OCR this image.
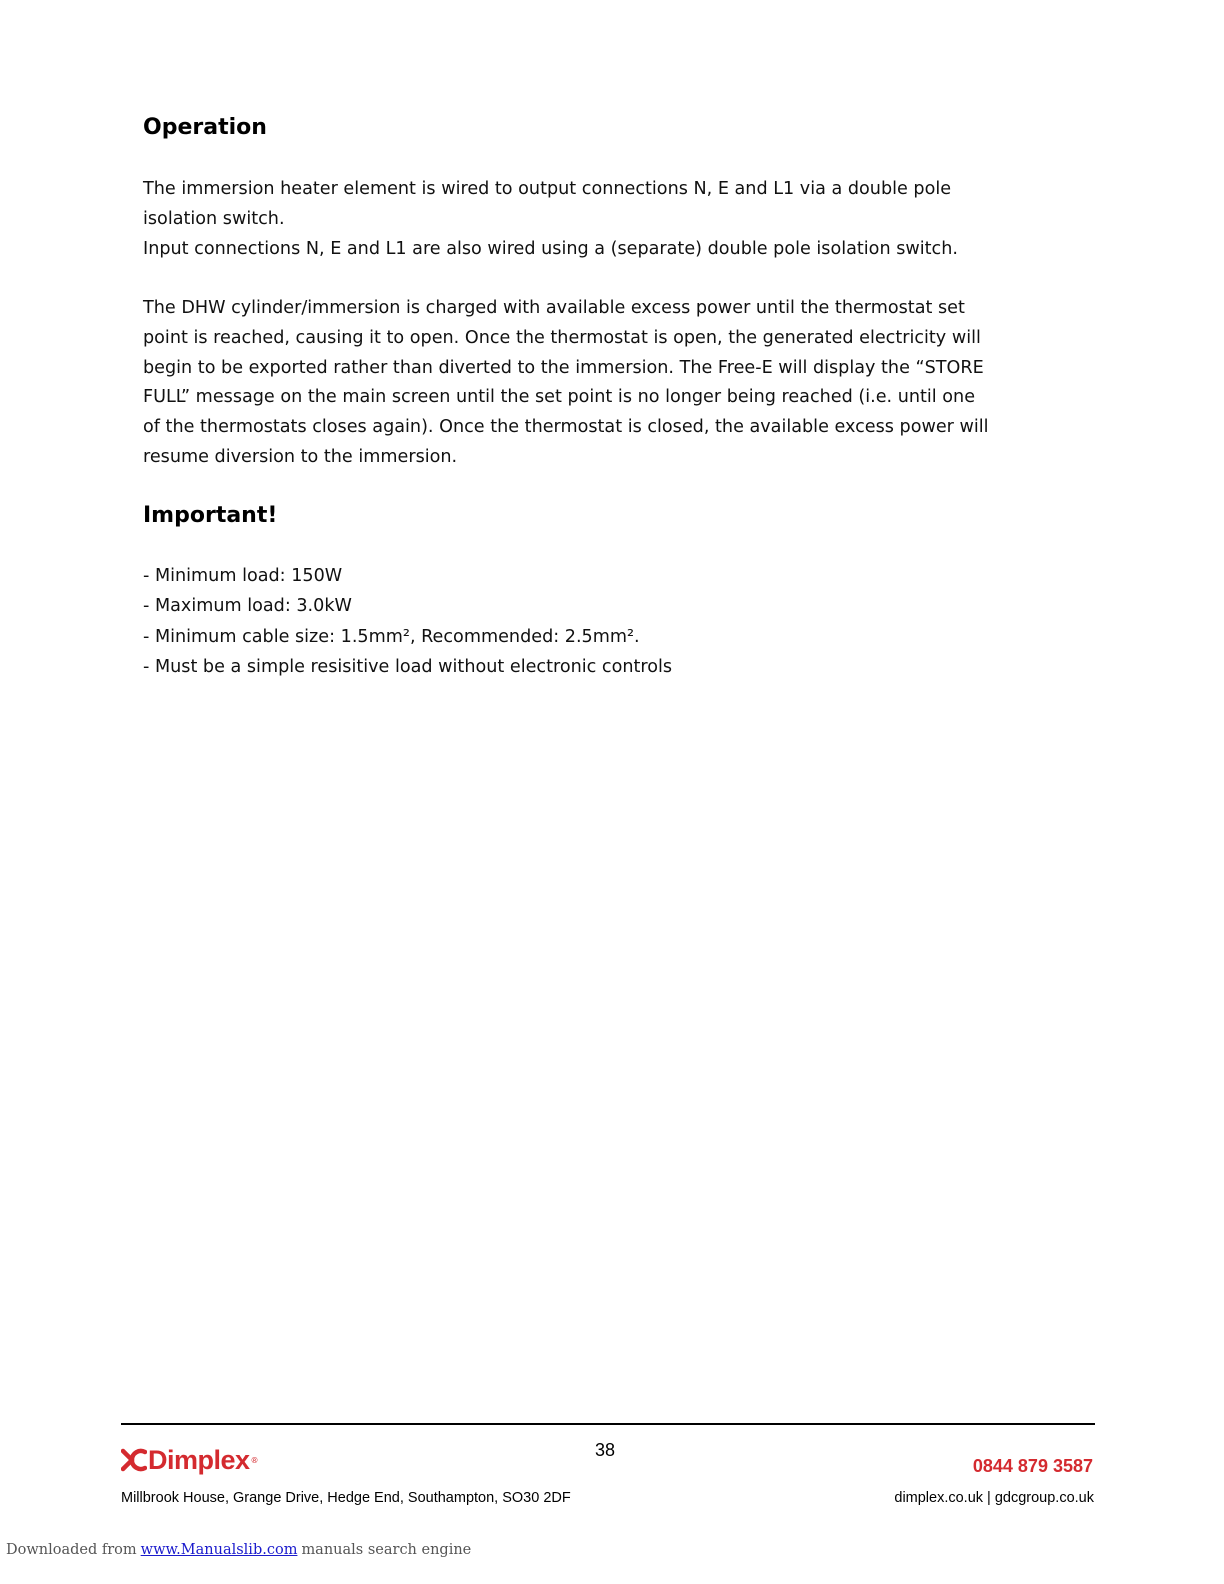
Operation
The immersion heater element is wired to output connections N, E and L1 via a double pole
isolation switch.
Input connections N, E and L1 are also wired using a (separate) double pole isolation switch.
The DHW cylinder/immersion is charged with available excess power until the thermostat set
point is reached, causing it to open. Once the thermostat is open, the generated electricity will
begin to be exported rather than diverted to the immersion. The Free-E will display the “STORE
FULL” message on the main screen until the set point is no longer being reached (i.e. until one
of the thermostats closes again). Once the thermostat is closed, the available excess power will
resume diversion to the immersion.
Important!
- Minimum load: 150W
- Maximum load: 3.0kW
- Minimum cable size: 1.5mm², Recommended: 2.5mm².
- Must be a simple resisitive load without electronic controls
38
Dimplex ®	0844 879 3587
Millbrook House, Grange Drive, Hedge End, Southampton, SO30 2DF	dimplex.co.uk | gdcgroup.co.uk
Downloaded from www.Manualslib.com manuals search engine
